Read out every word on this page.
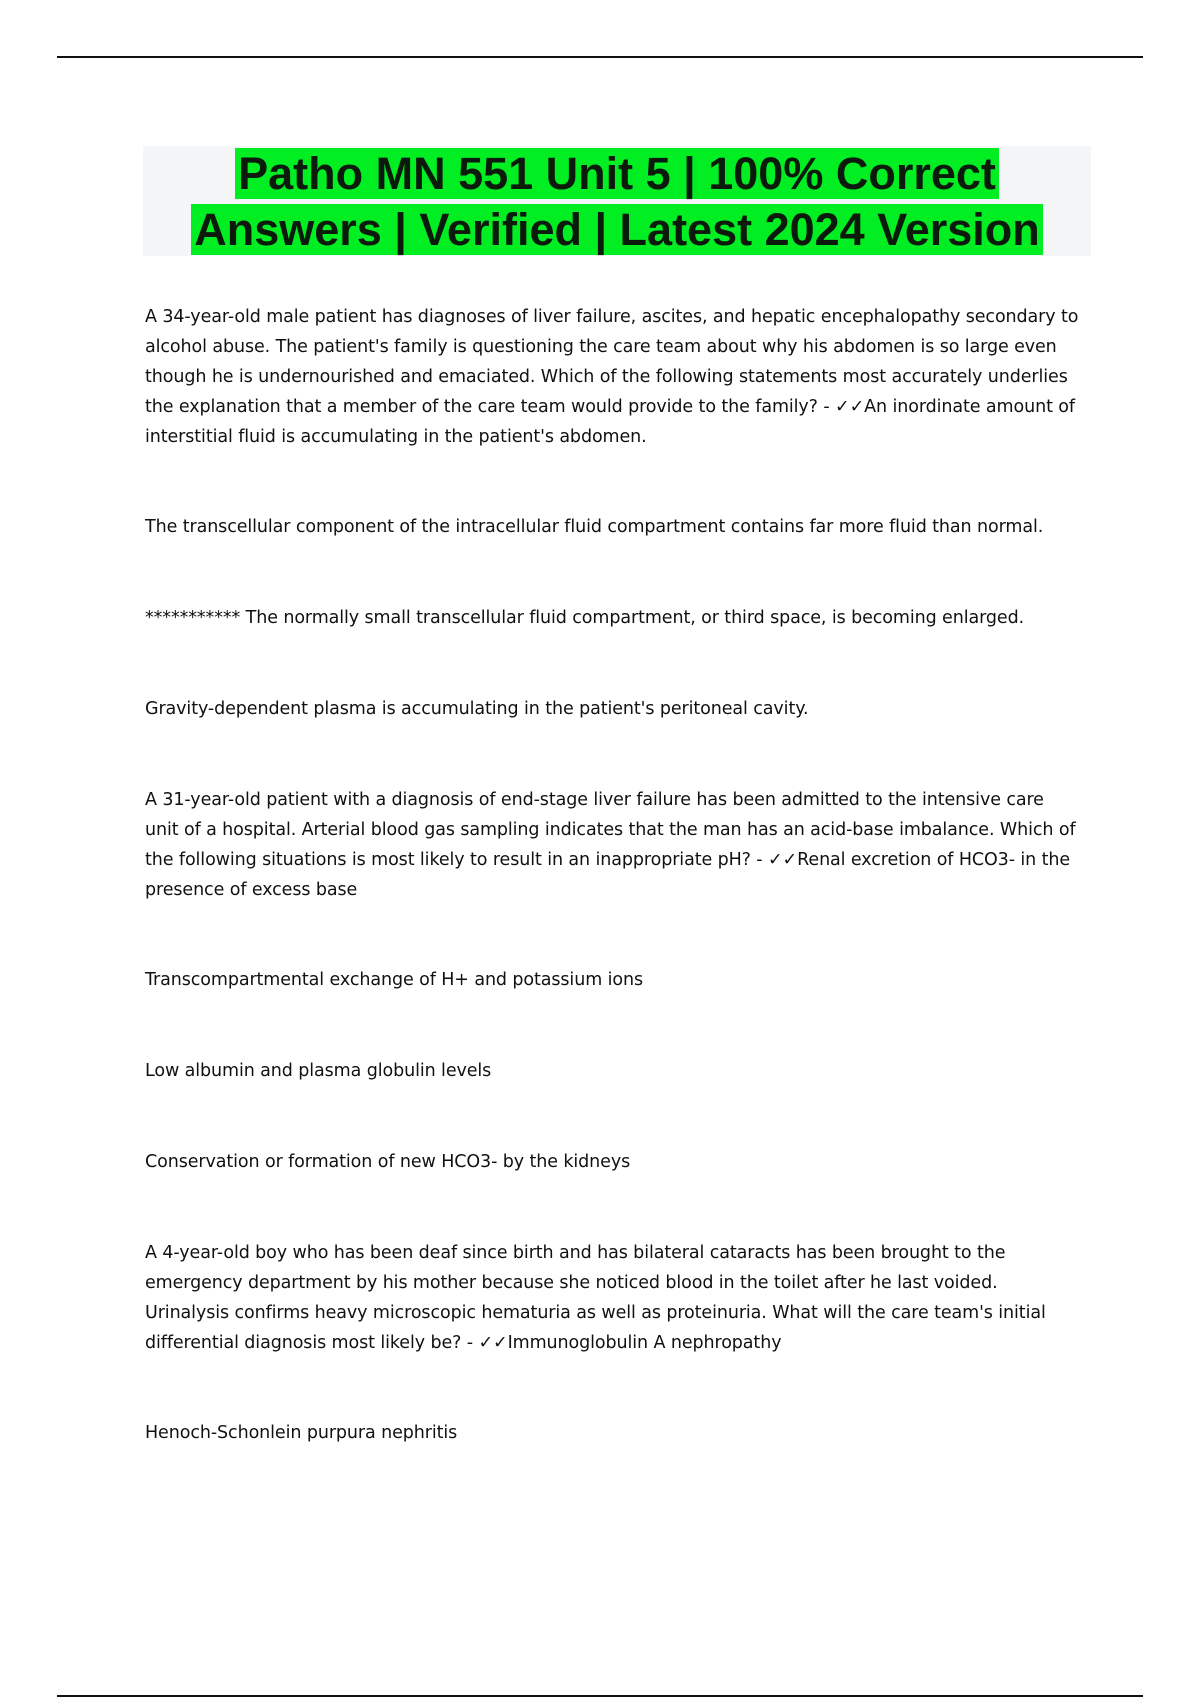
Patho MN 551 Unit 5 | 100% Correct
Answers | Verified | Latest 2024 Version

A 34-year-old male patient has diagnoses of liver failure, ascites, and hepatic encephalopathy secondary to alcohol abuse. The patient's family is questioning the care team about why his abdomen is so large even though he is undernourished and emaciated. Which of the following statements most accurately underlies the explanation that a member of the care team would provide to the family? - ✓✓An inordinate amount of interstitial fluid is accumulating in the patient's abdomen.

The transcellular component of the intracellular fluid compartment contains far more fluid than normal.

*********** The normally small transcellular fluid compartment, or third space, is becoming enlarged.

Gravity-dependent plasma is accumulating in the patient's peritoneal cavity.

A 31-year-old patient with a diagnosis of end-stage liver failure has been admitted to the intensive care unit of a hospital. Arterial blood gas sampling indicates that the man has an acid-base imbalance. Which of the following situations is most likely to result in an inappropriate pH? - ✓✓Renal excretion of HCO3- in the presence of excess base

Transcompartmental exchange of H+ and potassium ions

Low albumin and plasma globulin levels

Conservation or formation of new HCO3- by the kidneys

A 4-year-old boy who has been deaf since birth and has bilateral cataracts has been brought to the emergency department by his mother because she noticed blood in the toilet after he last voided. Urinalysis confirms heavy microscopic hematuria as well as proteinuria. What will the care team's initial differential diagnosis most likely be? - ✓✓Immunoglobulin A nephropathy

Henoch-Schonlein purpura nephritis
